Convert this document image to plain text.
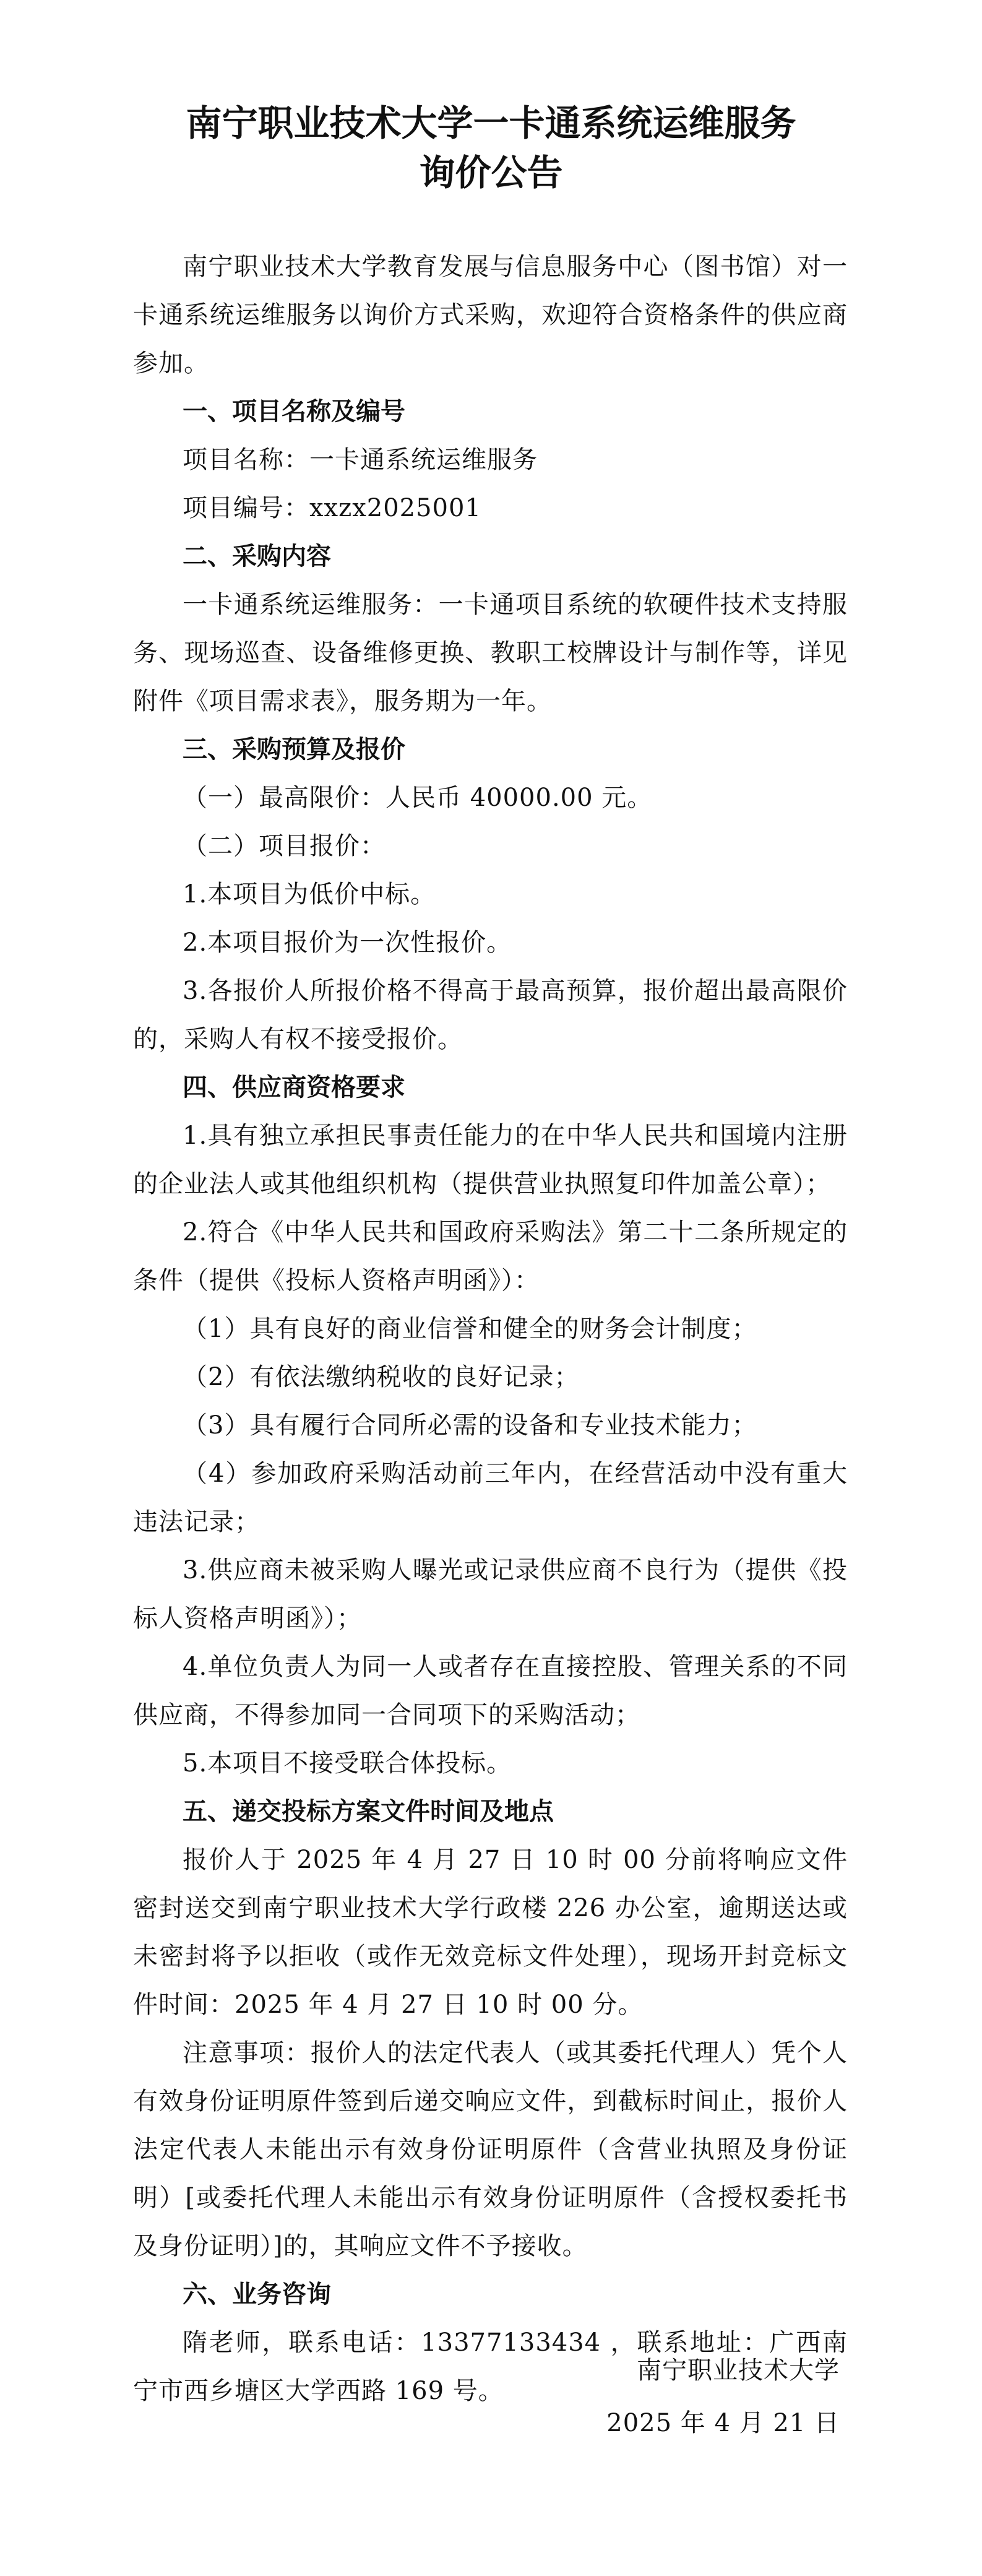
南宁职业技术大学一卡通系统运维服务
询价公告

南宁职业技术大学教育发展与信息服务中心（图书馆）对一卡通系统运维服务以询价方式采购，欢迎符合资格条件的供应商参加。

一、项目名称及编号

项目名称：一卡通系统运维服务

项目编号：xxzx2025001

二、采购内容

一卡通系统运维服务：一卡通项目系统的软硬件技术支持服务、现场巡查、设备维修更换、教职工校牌设计与制作等，详见附件《项目需求表》，服务期为一年。

三、采购预算及报价

（一）最高限价：人民币 40000.00 元。

（二）项目报价：

1.本项目为低价中标。

2.本项目报价为一次性报价。

3.各报价人所报价格不得高于最高预算，报价超出最高限价的，采购人有权不接受报价。

四、供应商资格要求

1.具有独立承担民事责任能力的在中华人民共和国境内注册的企业法人或其他组织机构（提供营业执照复印件加盖公章）；

2.符合《中华人民共和国政府采购法》第二十二条所规定的条件（提供《投标人资格声明函》）：

（1）具有良好的商业信誉和健全的财务会计制度；

（2）有依法缴纳税收的良好记录；

（3）具有履行合同所必需的设备和专业技术能力；

（4）参加政府采购活动前三年内，在经营活动中没有重大违法记录；

3.供应商未被采购人曝光或记录供应商不良行为（提供《投标人资格声明函》）；

4.单位负责人为同一人或者存在直接控股、管理关系的不同供应商，不得参加同一合同项下的采购活动；

5.本项目不接受联合体投标。

五、递交投标方案文件时间及地点

报价人于 2025 年 4 月 27 日 10 时 00 分前将响应文件密封送交到南宁职业技术大学行政楼 226 办公室，逾期送达或未密封将予以拒收（或作无效竞标文件处理），现场开封竞标文件时间：2025 年 4 月 27 日 10 时 00 分。

注意事项：报价人的法定代表人（或其委托代理人）凭个人有效身份证明原件签到后递交响应文件，到截标时间止，报价人法定代表人未能出示有效身份证明原件（含营业执照及身份证明）[或委托代理人未能出示有效身份证明原件（含授权委托书及身份证明）]的，其响应文件不予接收。

六、业务咨询

隋老师，联系电话：13377133434 ，联系地址：广西南宁市西乡塘区大学西路 169 号。

南宁职业技术大学
2025 年 4 月 21 日
